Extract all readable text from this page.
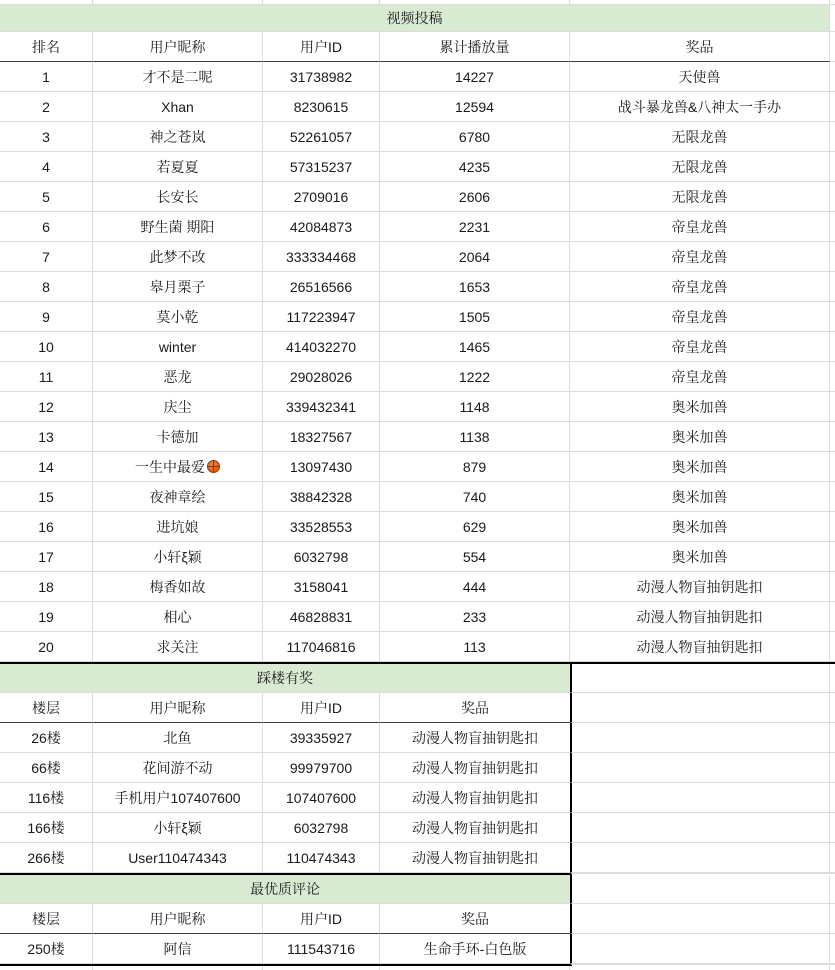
视频投稿
排名	用户昵称	用户ID	累计播放量	奖品
1	才不是二呢	31738982	14227	天使兽
2	Xhan	8230615	12594	战斗暴龙兽&八神太一手办
3	神之苍岚	52261057	6780	无限龙兽
4	若夏夏	57315237	4235	无限龙兽
5	长安长	2709016	2606	无限龙兽
6	野生菌 期阳	42084873	2231	帝皇龙兽
7	此梦不改	333334468	2064	帝皇龙兽
8	皋月栗子	26516566	1653	帝皇龙兽
9	莫小乾	117223947	1505	帝皇龙兽
10	winter	414032270	1465	帝皇龙兽
11	恶龙	29028026	1222	帝皇龙兽
12	庆尘	339432341	1148	奥米加兽
13	卡德加	18327567	1138	奥米加兽
14	一生中最爱	13097430	879	奥米加兽
15	夜神章绘	38842328	740	奥米加兽
16	进坑娘	33528553	629	奥米加兽
17	小轩ξ颖	6032798	554	奥米加兽
18	梅香如故	3158041	444	动漫人物盲抽钥匙扣
19	相心	46828831	233	动漫人物盲抽钥匙扣
20	求关注	117046816	113	动漫人物盲抽钥匙扣
踩楼有奖
楼层	用户昵称	用户ID	奖品
26楼	北鱼	39335927	动漫人物盲抽钥匙扣
66楼	花间游不动	99979700	动漫人物盲抽钥匙扣
116楼	手机用户107407600	107407600	动漫人物盲抽钥匙扣
166楼	小轩ξ颖	6032798	动漫人物盲抽钥匙扣
266楼	User110474343	110474343	动漫人物盲抽钥匙扣
最优质评论
楼层	用户昵称	用户ID	奖品
250楼	阿信	111543716	生命手环-白色版
